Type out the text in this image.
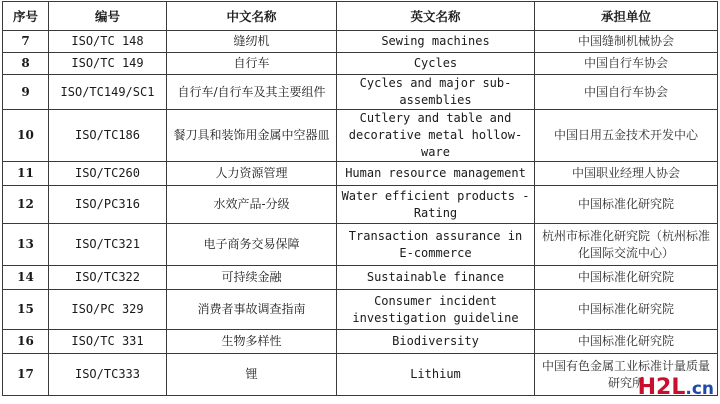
序号	编号	中文名称	英文名称	承担单位
7	ISO/TC 148	缝纫机	Sewing machines	中国缝制机械协会
8	ISO/TC 149	自行车	Cycles	中国自行车协会
9	ISO/TC149/SC1	自行车/自行车及其主要组件	Cycles and major sub-assemblies	中国自行车协会
10	ISO/TC186	餐刀具和装饰用金属中空器皿	Cutlery and table and decorative metal hollow-ware	中国日用五金技术开发中心
11	ISO/TC260	人力资源管理	Human resource management	中国职业经理人协会
12	ISO/PC316	水效产品-分级	Water efficient products - Rating	中国标准化研究院
13	ISO/TC321	电子商务交易保障	Transaction assurance in E-commerce	杭州市标准化研究院（杭州标准化国际交流中心）
14	ISO/TC322	可持续金融	Sustainable finance	中国标准化研究院
15	ISO/PC 329	消费者事故调查指南	Consumer incident investigation guideline	中国标准化研究院
16	ISO/TC 331	生物多样性	Biodiversity	中国标准化研究院
17	ISO/TC333	锂	Lithium	中国有色金属工业标准计量质量研究所
H2L.cn
